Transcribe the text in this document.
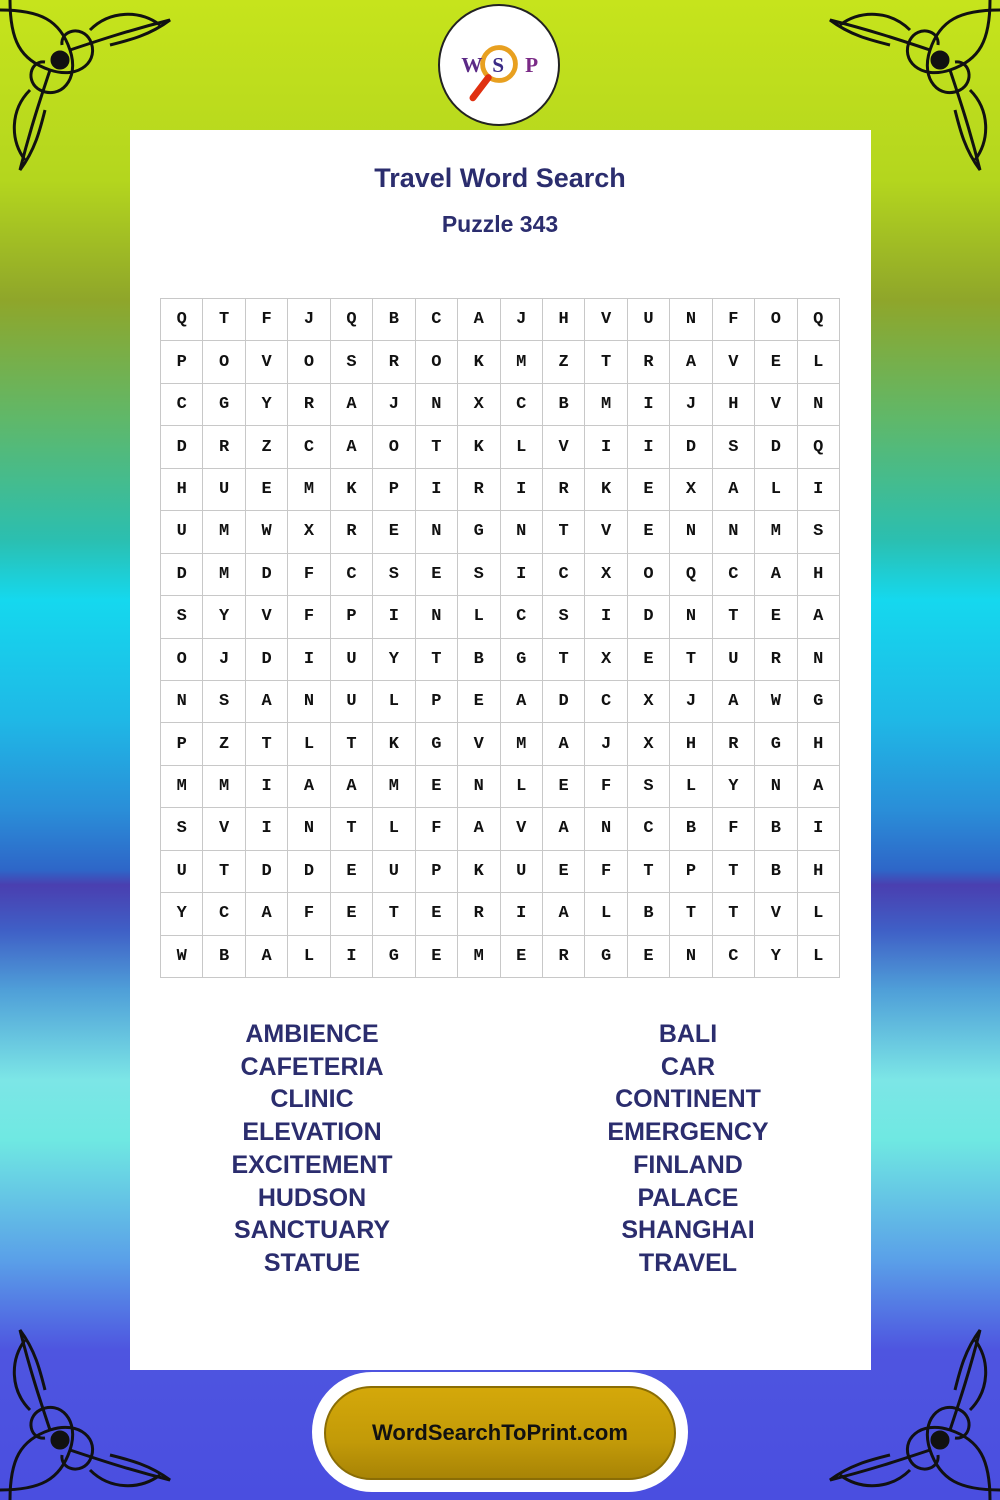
W S P
Travel Word Search
Puzzle 343
Q	T	F	J	Q	B	C	A	J	H	V	U	N	F	O	Q
P	O	V	O	S	R	O	K	M	Z	T	R	A	V	E	L
C	G	Y	R	A	J	N	X	C	B	M	I	J	H	V	N
D	R	Z	C	A	O	T	K	L	V	I	I	D	S	D	Q
H	U	E	M	K	P	I	R	I	R	K	E	X	A	L	I
U	M	W	X	R	E	N	G	N	T	V	E	N	N	M	S
D	M	D	F	C	S	E	S	I	C	X	O	Q	C	A	H
S	Y	V	F	P	I	N	L	C	S	I	D	N	T	E	A
O	J	D	I	U	Y	T	B	G	T	X	E	T	U	R	N
N	S	A	N	U	L	P	E	A	D	C	X	J	A	W	G
P	Z	T	L	T	K	G	V	M	A	J	X	H	R	G	H
M	M	I	A	A	M	E	N	L	E	F	S	L	Y	N	A
S	V	I	N	T	L	F	A	V	A	N	C	B	F	B	I
U	T	D	D	E	U	P	K	U	E	F	T	P	T	B	H
Y	C	A	F	E	T	E	R	I	A	L	B	T	T	V	L
W	B	A	L	I	G	E	M	E	R	G	E	N	C	Y	L
AMBIENCE
CAFETERIA
CLINIC
ELEVATION
EXCITEMENT
HUDSON
SANCTUARY
STATUE
BALI
CAR
CONTINENT
EMERGENCY
FINLAND
PALACE
SHANGHAI
TRAVEL
WordSearchToPrint.com
